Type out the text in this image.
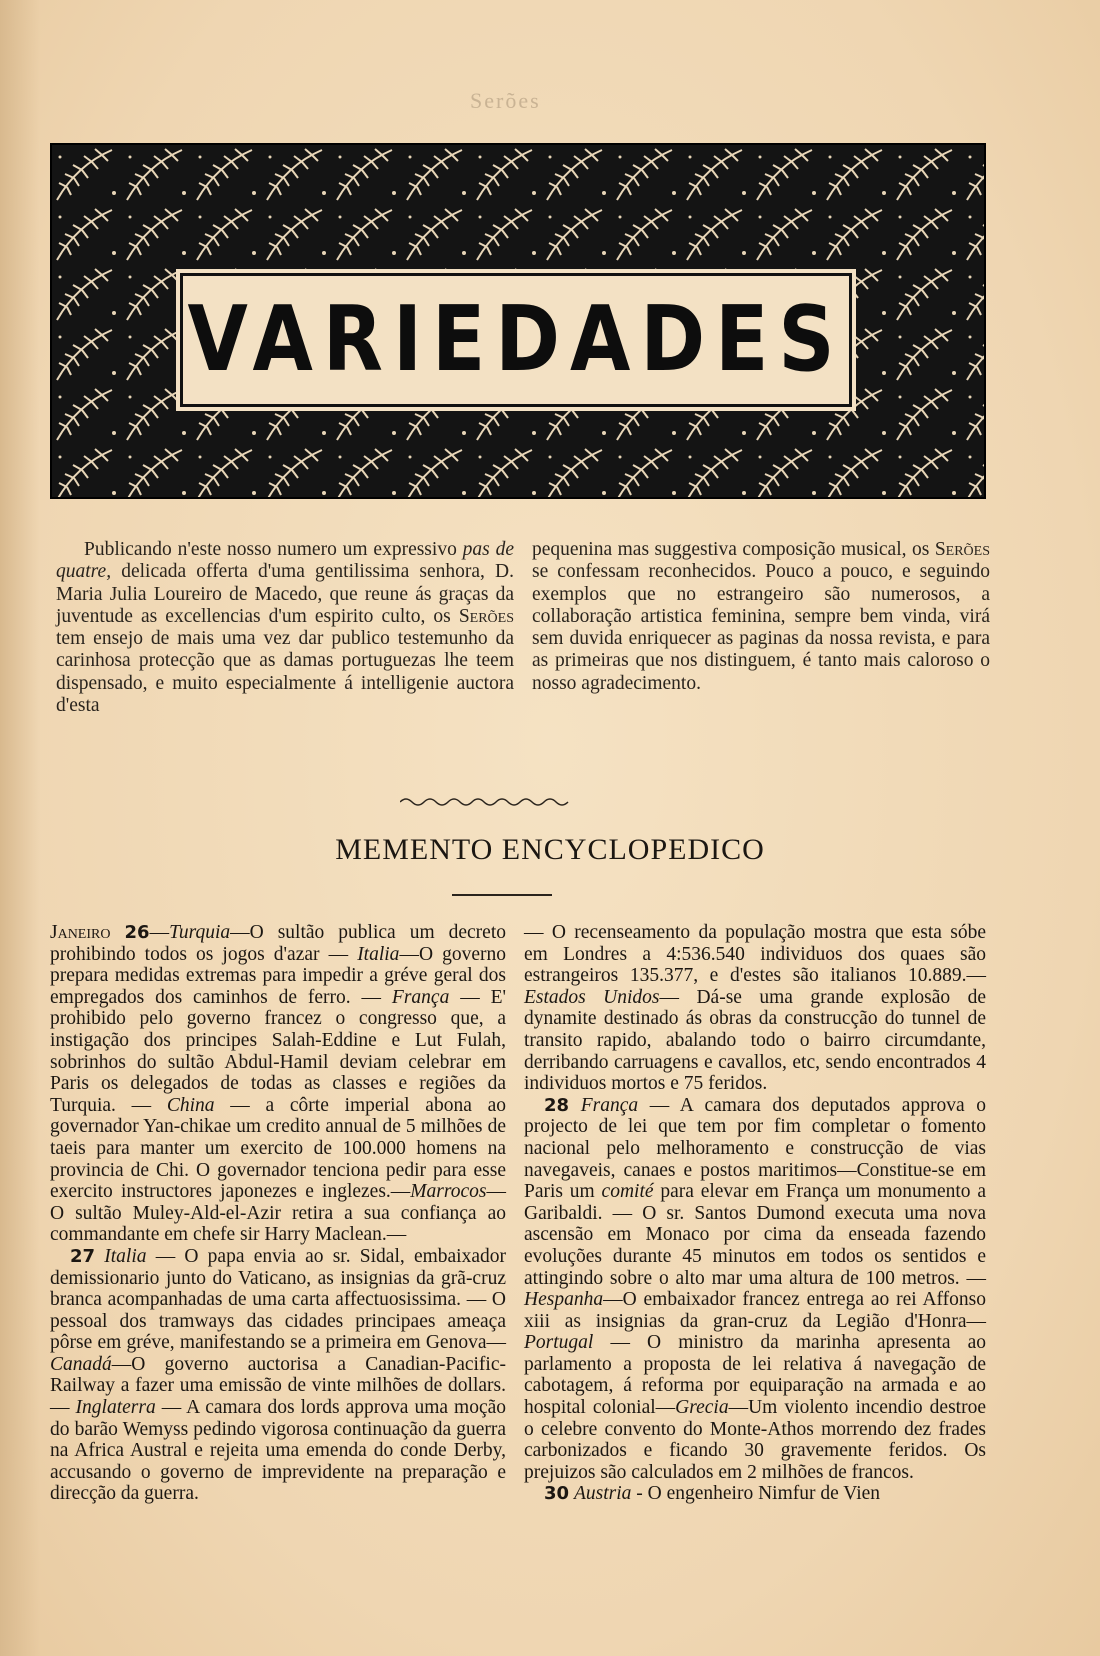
Serões
VARIEDADES

Publicando n'este nosso numero um expressivo pas de quatre, delicada offerta d'uma gentilissima senhora, D. Maria Julia Loureiro de Macedo, que reune ás graças da juventude as excellencias d'um espirito culto, os Serões tem ensejo de mais uma vez dar publico testemunho da carinhosa protecção que as damas portuguezas lhe teem dispensado, e muito especialmente á intelligenie auctora d'esta

pequenina mas suggestiva composição musical, os Serões se confessam reconhecidos. Pouco a pouco, e seguindo exemplos que no estrangeiro são numerosos, a collaboração artistica feminina, sempre bem vinda, virá sem duvida enriquecer as paginas da nossa revista, e para as primeiras que nos distinguem, é tanto mais caloroso o nosso agradecimento.

MEMENTO ENCYCLOPEDICO

Janeiro 26—Turquia—O sultão publica um decreto prohibindo todos os jogos d'azar — Italia—O governo prepara medidas extremas para impedir a gréve geral dos empregados dos caminhos de ferro. — França — E' prohibido pelo governo francez o congresso que, a instigação dos principes Salah-Eddine e Lut Fulah, sobrinhos do sultão Abdul-Hamil deviam celebrar em Paris os delegados de todas as classes e regiões da Turquia. — China — a côrte imperial abona ao governador Yan-chikae um credito annual de 5 milhões de taeis para manter um exercito de 100.000 homens na provincia de Chi. O governador tenciona pedir para esse exercito instructores japonezes e inglezes.—Marrocos— O sultão Muley-Ald-el-Azir retira a sua confiança ao commandante em chefe sir Harry Maclean.—

27 Italia — O papa envia ao sr. Sidal, embaixador demissionario junto do Vaticano, as insignias da grã-cruz branca acompanhadas de uma carta affectuosissima. — O pessoal dos tramways das cidades principaes ameaça pôrse em gréve, manifestando se a primeira em Genova—Canadá—O governo auctorisa a Canadian-Pacific-Railway a fazer uma emissão de vinte milhões de dollars. — Inglaterra — A camara dos lords approva uma moção do barão Wemyss pedindo vigorosa continuação da guerra na Africa Austral e rejeita uma emenda do conde Derby, accusando o governo de imprevidente na preparação e direcção da guerra.

— O recenseamento da população mostra que esta sóbe em Londres a 4:536.540 individuos dos quaes são estrangeiros 135.377, e d'estes são italianos 10.889.—Estados Unidos— Dá-se uma grande explosão de dynamite destinado ás obras da construcção do tunnel de transito rapido, abalando todo o bairro circumdante, derribando carruagens e cavallos, etc, sendo encontrados 4 individuos mortos e 75 feridos.

28 França — A camara dos deputados approva o projecto de lei que tem por fim completar o fomento nacional pelo melhoramento e construcção de vias navegaveis, canaes e postos maritimos—Constitue-se em Paris um comité para elevar em França um monumento a Garibaldi. — O sr. Santos Dumond executa uma nova ascensão em Monaco por cima da enseada fazendo evoluções durante 45 minutos em todos os sentidos e attingindo sobre o alto mar uma altura de 100 metros. — Hespanha—O embaixador francez entrega ao rei Affonso xiii as insignias da gran-cruz da Legião d'Honra—Portugal — O ministro da marinha apresenta ao parlamento a proposta de lei relativa á navegação de cabotagem, á reforma por equiparação na armada e ao hospital colonial—Grecia—Um violento incendio destroe o celebre convento do Monte-Athos morrendo dez frades carbonizados e ficando 30 gravemente feridos. Os prejuizos são calculados em 2 milhões de francos.

30 Austria - O engenheiro Nimfur de Vien
